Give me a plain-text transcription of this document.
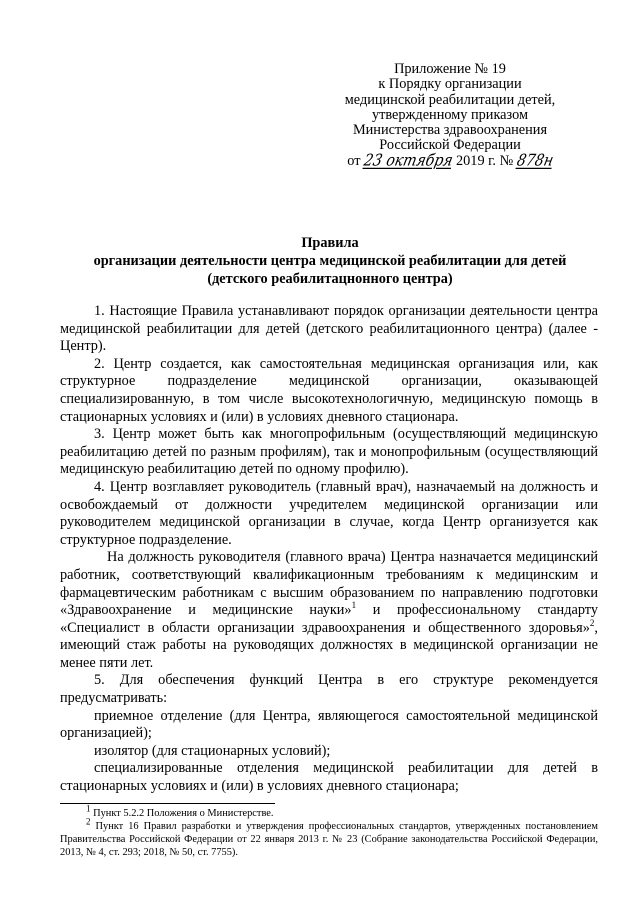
Приложение № 19
к Порядку организации
медицинской реабилитации детей,
утвержденному приказом
Министерства здравоохранения
Российской Федерации
от 23 октября 2019 г. № 878н
Правила
организации деятельности центра медицинской реабилитации для детей
(детского реабилитацнонного центра)

1. Настоящие Правила устанавливают порядок организации деятельности центра медицинской реабилитации для детей (детского реабилитационного центра) (далее - Центр).

2. Центр создается, как самостоятельная медицинская организация или, как структурное подразделение медицинской организации, оказывающей специализированную, в том числе высокотехнологичную, медицинскую помощь в стационарных условиях и (или) в условиях дневного стационара.

3. Центр может быть как многопрофильным (осуществляющий медицинскую реабилитацию детей по разным профилям), так и монопрофильным (осуществляющий медицинскую реабилитацию детей по одному профилю).

4. Центр возглавляет руководитель (главный врач), назначаемый на должность и освобождаемый от должности учредителем медицинской организации или руководителем медицинской организации в случае, когда Центр организуется как структурное подразделение.

На должность руководителя (главного врача) Центра назначается медицинский работник, соответствующий квалификационным требованиям к медицинским и фармацевтическим работникам с высшим образованием по направлению подготовки «Здравоохранение и медицинские науки»$^1$ и профессиональному стандарту «Специалист в области организации здравоохранения и общественного здоровья»$^2$, имеющий стаж работы на руководящих должностях в медицинской организации не менее пяти лет.

5. Для обеспечения функций Центра в его структуре рекомендуется предусматривать:

приемное отделение (для Центра, являющегося самостоятельной медицинской организацией);

изолятор (для стационарных условий);

специализированные отделения медицинской реабилитации для детей в стационарных условиях и (или) в условиях дневного стационара;

$^1$ Пункт 5.2.2 Положения о Министерстве.

$^2$ Пункт 16 Правил разработки и утверждения профессиональных стандартов, утвержденных постановлением Правительства Российской Федерации от 22 января 2013 г. № 23 (Собрание законодательства Российской Федерации, 2013, № 4, ст. 293; 2018, № 50, ст. 7755).
